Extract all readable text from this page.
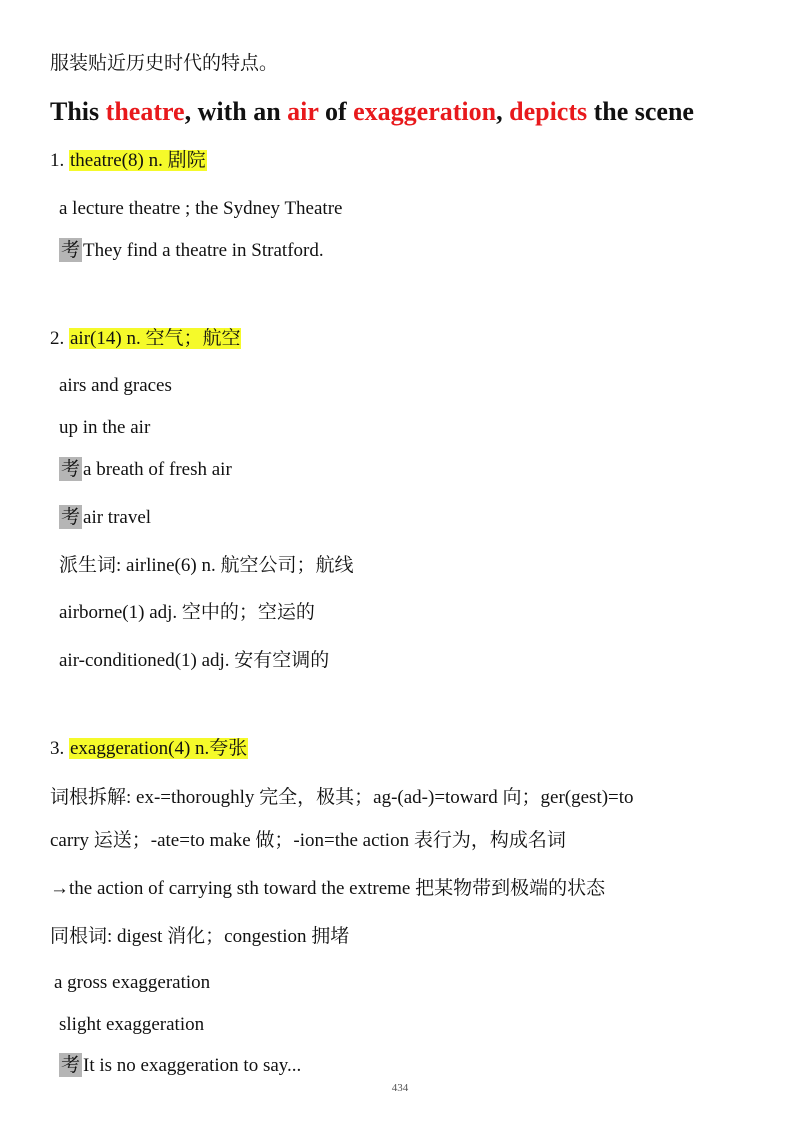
服装贴近历史时代的特点。
This theatre, with an air of exaggeration, depicts the scene
1. theatre(8) n. 剧院
a lecture theatre ; the Sydney Theatre
考 They find a theatre in Stratford.
2. air(14) n. 空气；航空
airs and graces
up in the air
考 a breath of fresh air
考 air travel
派生词: airline(6) n. 航空公司；航线
airborne(1) adj. 空中的；空运的
air-conditioned(1) adj. 安有空调的
3. exaggeration(4) n.夸张
词根拆解: ex-=thoroughly 完全，极其；ag-(ad-)=toward 向；ger(gest)=to
carry 运送；-ate=to make 做；-ion=the action 表行为，构成名词
→the action of carrying sth toward the extreme 把某物带到极端的状态
同根词: digest 消化；congestion 拥堵
a gross exaggeration
slight exaggeration
考 It is no exaggeration to say...
434
